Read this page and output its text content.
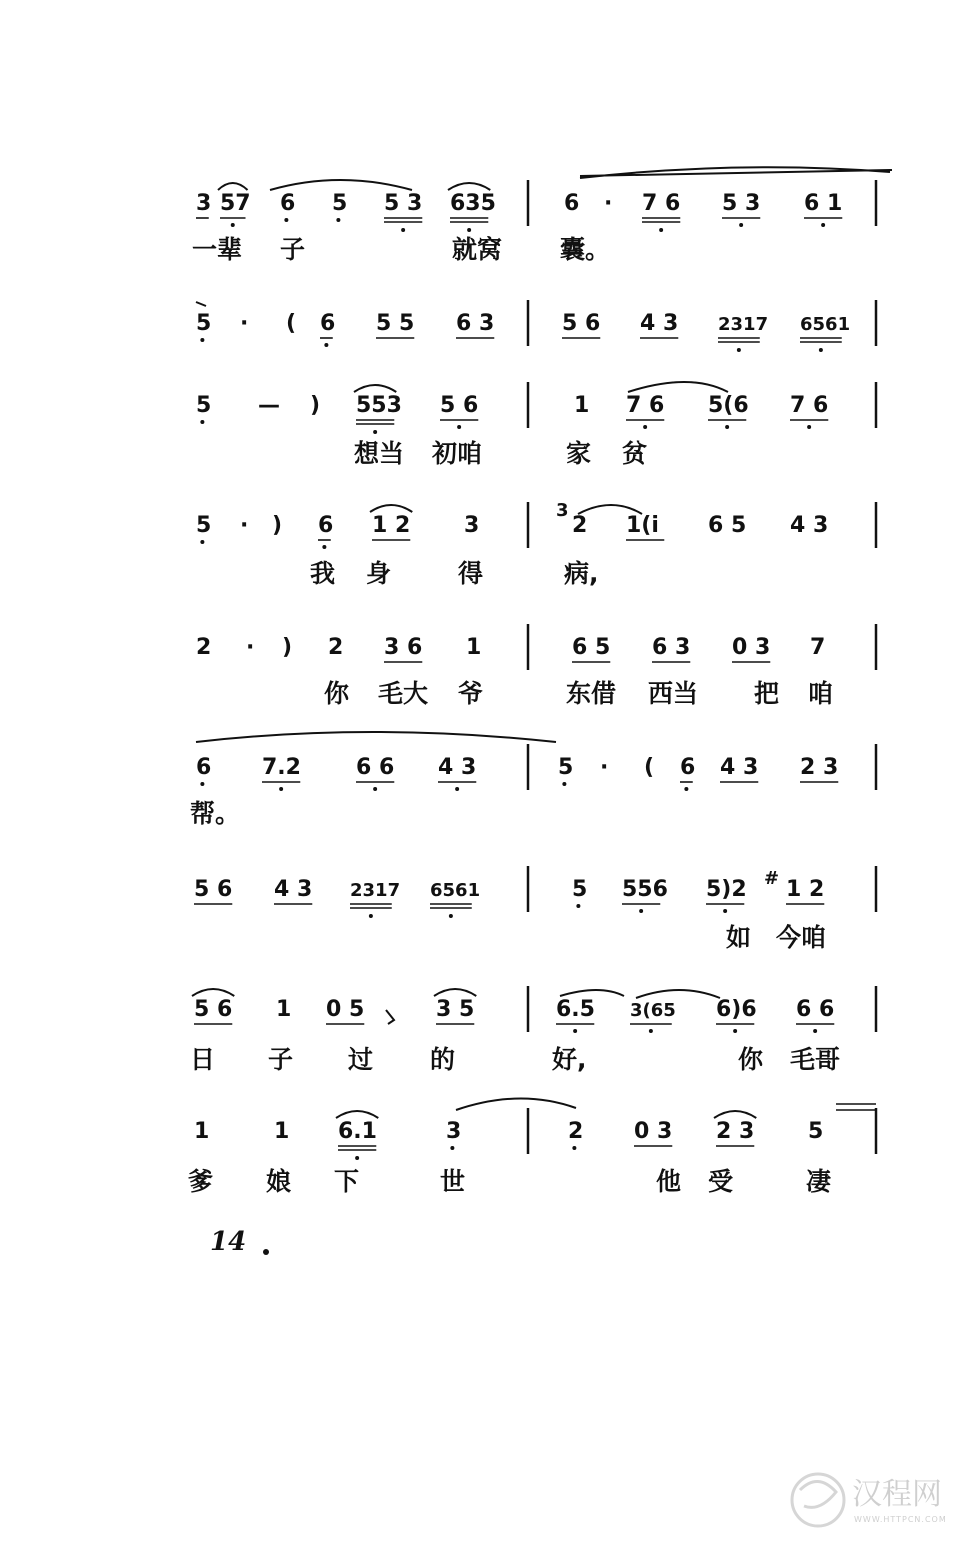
3 57 6 5 5 3 635	6 · 7 6 5 3 6 1
一辈 子	就窝 囊。
5 · ( 6 5 5 6 3	5 6 4 3 2317 6561
5 — ) 553 5 6	1 7 6 5(6 7 6
想当 初咱	家 贫
5 · ) 6 1 2 3	2
3
1(i 6 5 4 3
我 身	得	病,
2 · ) 2 3 6 1	6 5 6 3 0 3 7
你 毛大 爷	东借 西当 把 咱
6 7.2	6 6 4 3	5 · ( 6 4 3 2 3
帮。
5 6 4 3 2317 6561	5 556 5)2 1 2
#
如 今咱
5 6 1 0 5	3 5	6.5 3(65 6)6 6 6
日 子 过 的	好,	你 毛哥
1	1 6.1	3	2 0 3 2 3 5
爹 娘 下	世	他 受	凄
14
汉程网
WWW.HTTPCN.COM
